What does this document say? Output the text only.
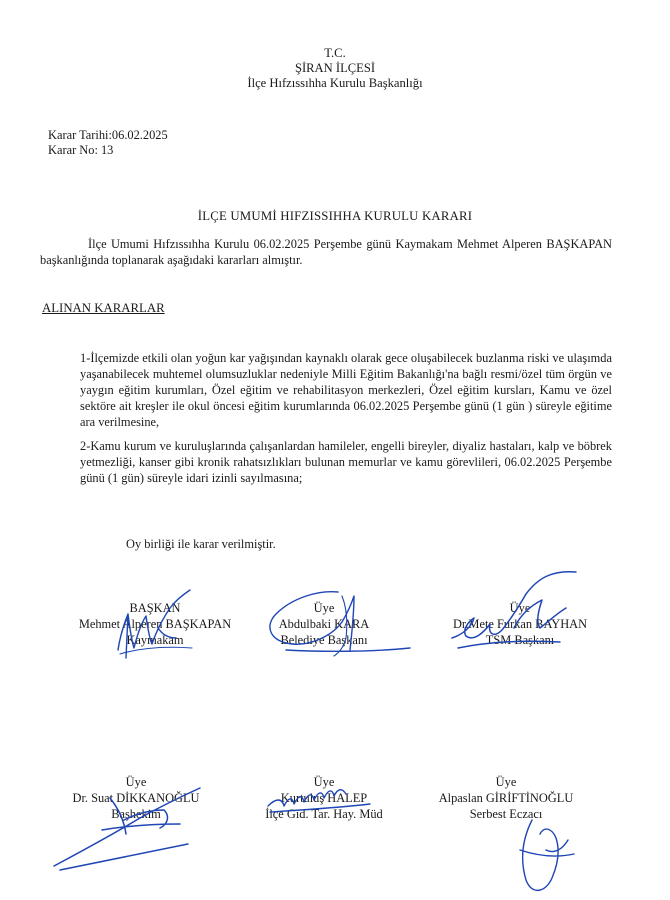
T.C.
ŞİRAN İLÇESİ
İlçe Hıfzıssıhha Kurulu Başkanlığı
Karar Tarihi:06.02.2025
Karar No: 13
İLÇE UMUMİ HIFZISSIHHA KURULU KARARI
İlçe Umumi Hıfzıssıhha Kurulu 06.02.2025 Perşembe günü Kaymakam Mehmet Alperen BAŞKAPAN başkanlığında toplanarak aşağıdaki kararları almıştır.
ALINAN KARARLAR
1-İlçemizde etkili olan yoğun kar yağışından kaynaklı olarak gece oluşabilecek buzlanma riski ve ulaşımda yaşanabilecek muhtemel olumsuzluklar nedeniyle Milli Eğitim Bakanlığı'na bağlı resmi/özel tüm örgün ve yaygın eğitim kurumları, Özel eğitim ve rehabilitasyon merkezleri, Özel eğitim kursları, Kamu ve özel sektöre ait kreşler ile okul öncesi eğitim kurumlarında 06.02.2025 Perşembe günü (1 gün ) süreyle eğitime ara verilmesine,
2-Kamu kurum ve kuruluşlarında çalışanlardan hamileler, engelli bireyler, diyaliz hastaları, kalp ve böbrek yetmezliği, kanser gibi kronik rahatsızlıkları bulunan memurlar ve kamu görevlileri, 06.02.2025 Perşembe günü (1 gün) süreyle idari izinli sayılmasına;
Oy birliği ile karar verilmiştir.
BAŞKAN
Mehmet Alperen BAŞKAPAN
Kaymakam
Üye
Abdulbaki KARA
Belediye Başkanı
Üye
Dr.Mete Furkan BAYHAN
TSM Başkanı
Üye
Dr. Suat DİKKANOĞLU
Başhekim
Üye
Kurtuluş HALEP
İlçe Gıd. Tar. Hay. Müd
Üye
Alpaslan GİRİFTİNOĞLU
Serbest Eczacı
